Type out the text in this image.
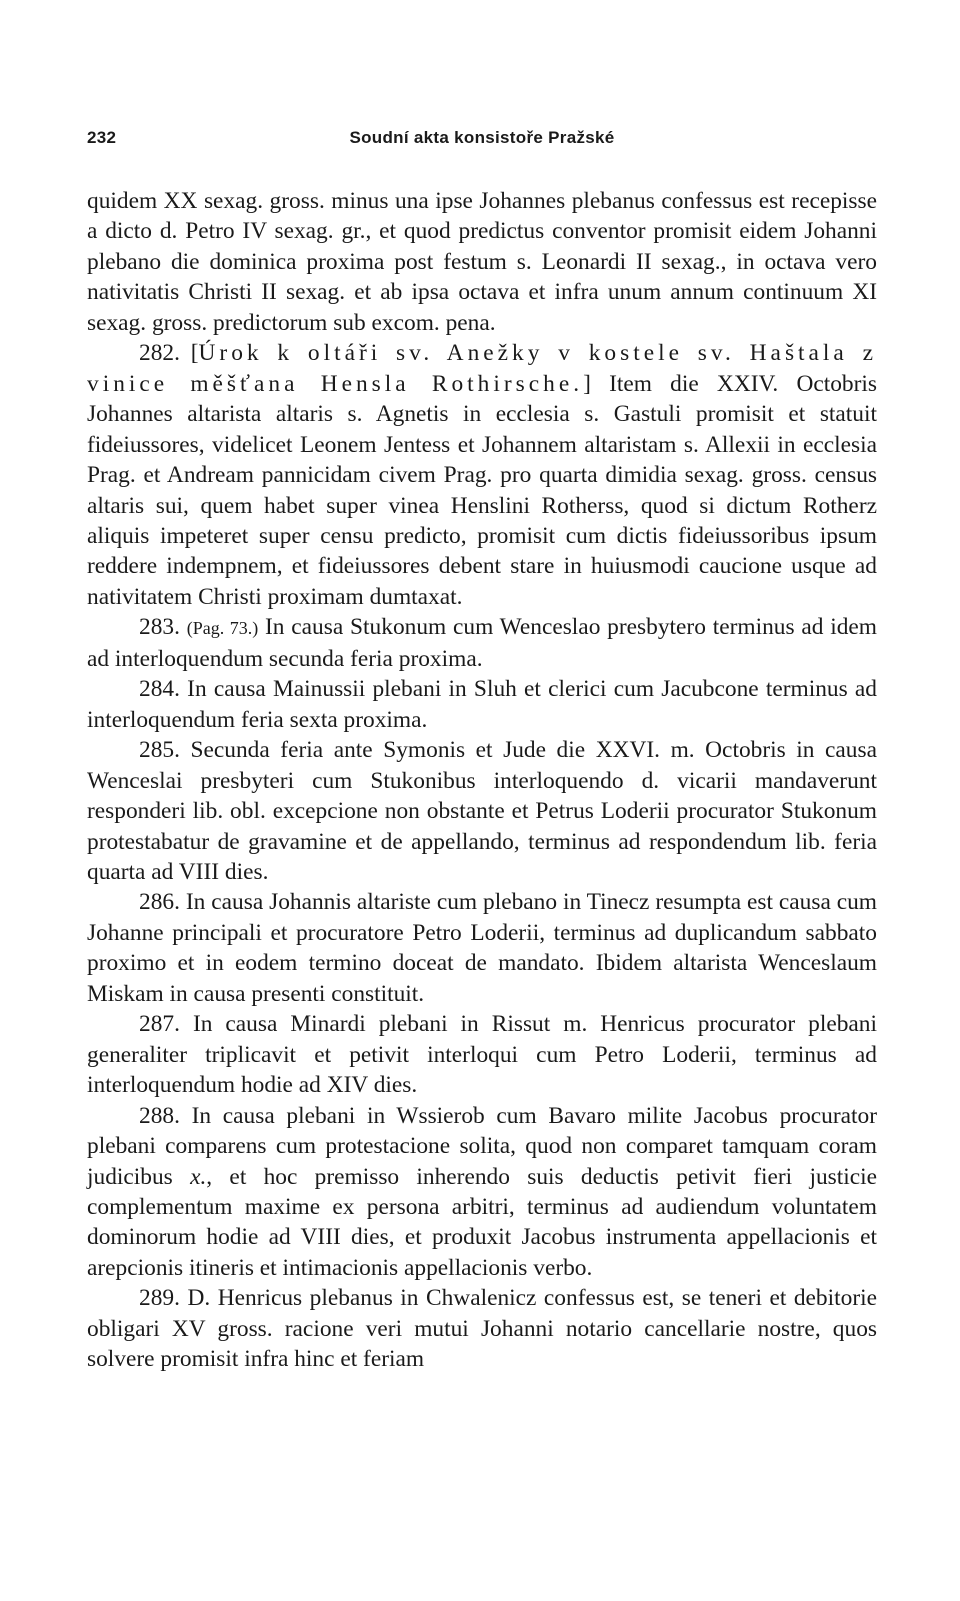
232	Soudní akta konsistoře Pražské

quidem XX sexag. gross. minus una ipse Johannes plebanus confessus est recepisse a dicto d. Petro IV sexag. gr., et quod predictus conventor promisit eidem Johanni plebano die dominica proxima post festum s. Leonardi II sexag., in octava vero nativitatis Christi II sexag. et ab ipsa octava et infra unum annum continuum XI sexag. gross. predictorum sub excom. pena.

282. [Úrok k oltáři sv. Anežky v kostele sv. Haštala z vinice měšťana Hensla Rothirsche.] Item die XXIV. Octobris Johannes altarista altaris s. Agnetis in ecclesia s. Gastuli promisit et statuit fideiussores, videlicet Leonem Jentess et Johannem altaristam s. Allexii in ecclesia Prag. et Andream pannicidam civem Prag. pro quarta dimidia sexag. gross. census altaris sui, quem habet super vinea Henslini Rotherss, quod si dictum Rotherz aliquis impeteret super censu predicto, promisit cum dictis fideiussoribus ipsum reddere indempnem, et fideiussores debent stare in huiusmodi caucione usque ad nativitatem Christi proximam dumtaxat.

283. (Pag. 73.) In causa Stukonum cum Wenceslao presbytero terminus ad idem ad interloquendum secunda feria proxima.

284. In causa Mainussii plebani in Sluh et clerici cum Jacubcone terminus ad interloquendum feria sexta proxima.

285. Secunda feria ante Symonis et Jude die XXVI. m. Octobris in causa Wenceslai presbyteri cum Stukonibus interloquendo d. vicarii mandaverunt responderi lib. obl. excepcione non obstante et Petrus Loderii procurator Stukonum protestabatur de gravamine et de appellando, terminus ad respondendum lib. feria quarta ad VIII dies.

286. In causa Johannis altariste cum plebano in Tinecz resumpta est causa cum Johanne principali et procuratore Petro Loderii, terminus ad duplicandum sabbato proximo et in eodem termino doceat de mandato. Ibidem altarista Wenceslaum Miskam in causa presenti constituit.

287. In causa Minardi plebani in Rissut m. Henricus procurator plebani generaliter triplicavit et petivit interloqui cum Petro Loderii, terminus ad interloquendum hodie ad XIV dies.

288. In causa plebani in Wssierob cum Bavaro milite Jacobus procurator plebani comparens cum protestacione solita, quod non comparet tamquam coram judicibus x., et hoc premisso inherendo suis deductis petivit fieri justicie complementum maxime ex persona arbitri, terminus ad audiendum voluntatem dominorum hodie ad VIII dies, et produxit Jacobus instrumenta appellacionis et arepcionis itineris et intimacionis appellacionis verbo.

289. D. Henricus plebanus in Chwalenicz confessus est, se teneri et debitorie obligari XV gross. racione veri mutui Johanni notario cancellarie nostre, quos solvere promisit infra hinc et feriam
